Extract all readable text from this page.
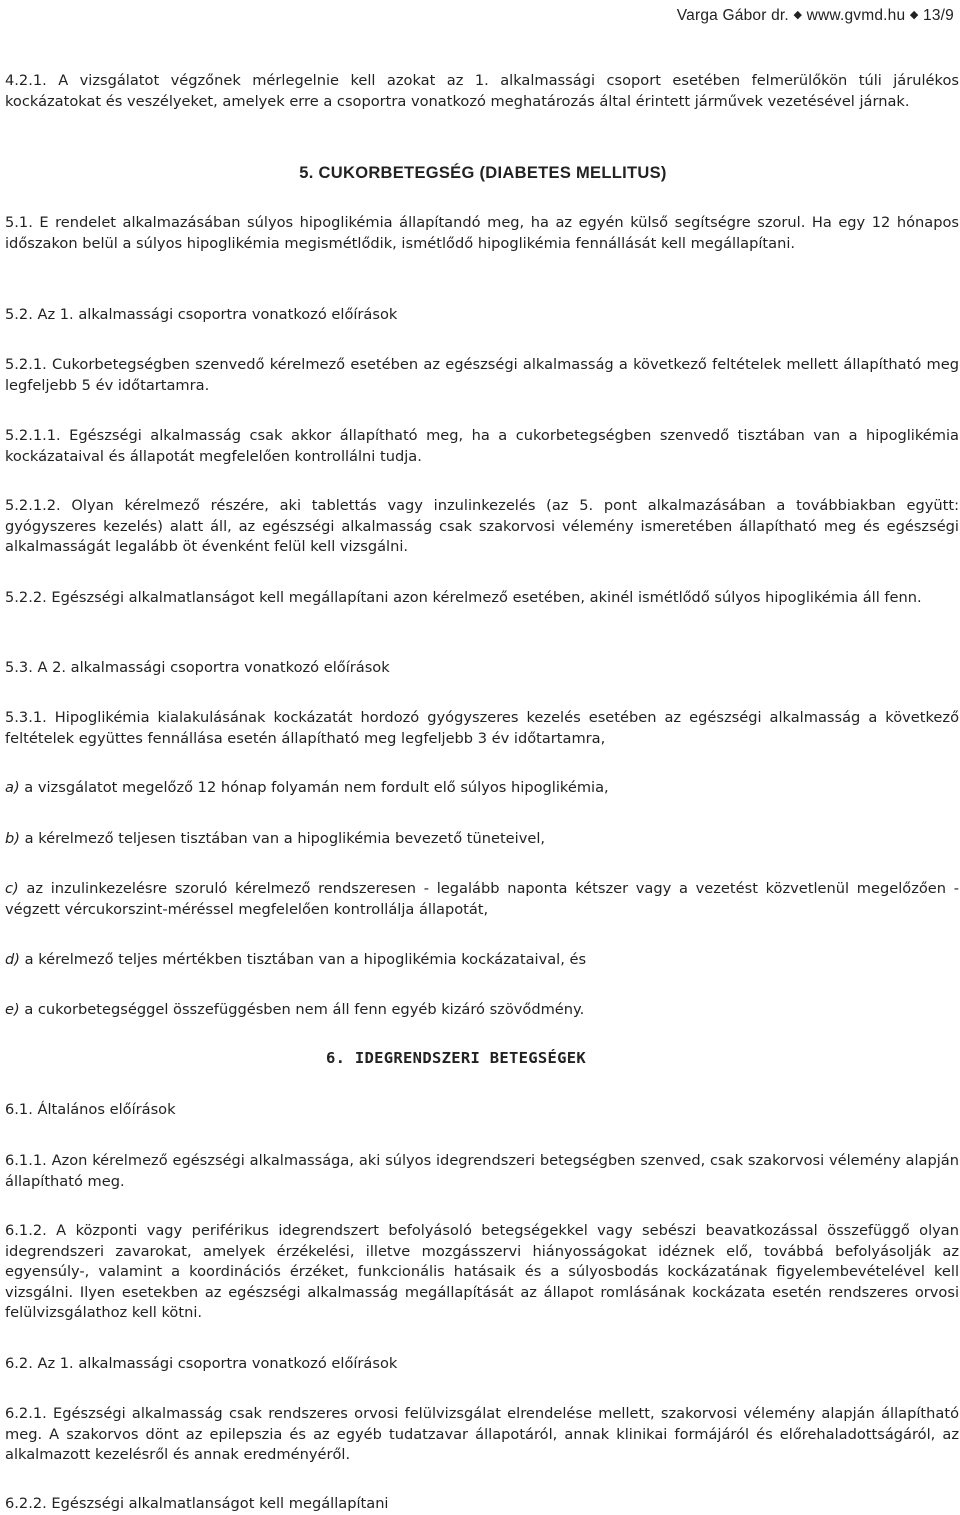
Varga Gábor dr. ◆ www.gvmd.hu ◆ 13/9

4.2.1. A vizsgálatot végzőnek mérlegelnie kell azokat az 1. alkalmassági csoport esetében felmerülőkön túli járulékos kockázatokat és veszélyeket, amelyek erre a csoportra vonatkozó meghatározás által érintett járművek vezetésével járnak.

5. CUKORBETEGSÉG (DIABETES MELLITUS)

5.1. E rendelet alkalmazásában súlyos hipoglikémia állapítandó meg, ha az egyén külső segítségre szorul. Ha egy 12 hónapos időszakon belül a súlyos hipoglikémia megismétlődik, ismétlődő hipoglikémia fennállását kell megállapítani.

5.2. Az 1. alkalmassági csoportra vonatkozó előírások

5.2.1. Cukorbetegségben szenvedő kérelmező esetében az egészségi alkalmasság a következő feltételek mellett állapítható meg legfeljebb 5 év időtartamra.

5.2.1.1. Egészségi alkalmasság csak akkor állapítható meg, ha a cukorbetegségben szenvedő tisztában van a hipoglikémia kockázataival és állapotát megfelelően kontrollálni tudja.

5.2.1.2. Olyan kérelmező részére, aki tablettás vagy inzulinkezelés (az 5. pont alkalmazásában a továbbiakban együtt: gyógyszeres kezelés) alatt áll, az egészségi alkalmasság csak szakorvosi vélemény ismeretében állapítható meg és egészségi alkalmasságát legalább öt évenként felül kell vizsgálni.

5.2.2. Egészségi alkalmatlanságot kell megállapítani azon kérelmező esetében, akinél ismétlődő súlyos hipoglikémia áll fenn.

5.3. A 2. alkalmassági csoportra vonatkozó előírások

5.3.1. Hipoglikémia kialakulásának kockázatát hordozó gyógyszeres kezelés esetében az egészségi alkalmasság a következő feltételek együttes fennállása esetén állapítható meg legfeljebb 3 év időtartamra,

a) a vizsgálatot megelőző 12 hónap folyamán nem fordult elő súlyos hipoglikémia,

b) a kérelmező teljesen tisztában van a hipoglikémia bevezető tüneteivel,

c) az inzulinkezelésre szoruló kérelmező rendszeresen - legalább naponta kétszer vagy a vezetést közvetlenül megelőzően - végzett vércukorszint-méréssel megfelelően kontrollálja állapotát,

d) a kérelmező teljes mértékben tisztában van a hipoglikémia kockázataival, és

e) a cukorbetegséggel összefüggésben nem áll fenn egyéb kizáró szövődmény.

6. IDEGRENDSZERI BETEGSÉGEK

6.1. Általános előírások

6.1.1. Azon kérelmező egészségi alkalmassága, aki súlyos idegrendszeri betegségben szenved, csak szakorvosi vélemény alapján állapítható meg.

6.1.2. A központi vagy periférikus idegrendszert befolyásoló betegségekkel vagy sebészi beavatkozással összefüggő olyan idegrendszeri zavarokat, amelyek érzékelési, illetve mozgásszervi hiányosságokat idéznek elő, továbbá befolyásolják az egyensúly-, valamint a koordinációs érzéket, funkcionális hatásaik és a súlyosbodás kockázatának figyelembevételével kell vizsgálni. Ilyen esetekben az egészségi alkalmasság megállapítását az állapot romlásának kockázata esetén rendszeres orvosi felülvizsgálathoz kell kötni.

6.2. Az 1. alkalmassági csoportra vonatkozó előírások

6.2.1. Egészségi alkalmasság csak rendszeres orvosi felülvizsgálat elrendelése mellett, szakorvosi vélemény alapján állapítható meg. A szakorvos dönt az epilepszia és az egyéb tudatzavar állapotáról, annak klinikai formájáról és előrehaladottságáról, az alkalmazott kezelésről és annak eredményéről.

6.2.2. Egészségi alkalmatlanságot kell megállapítani
